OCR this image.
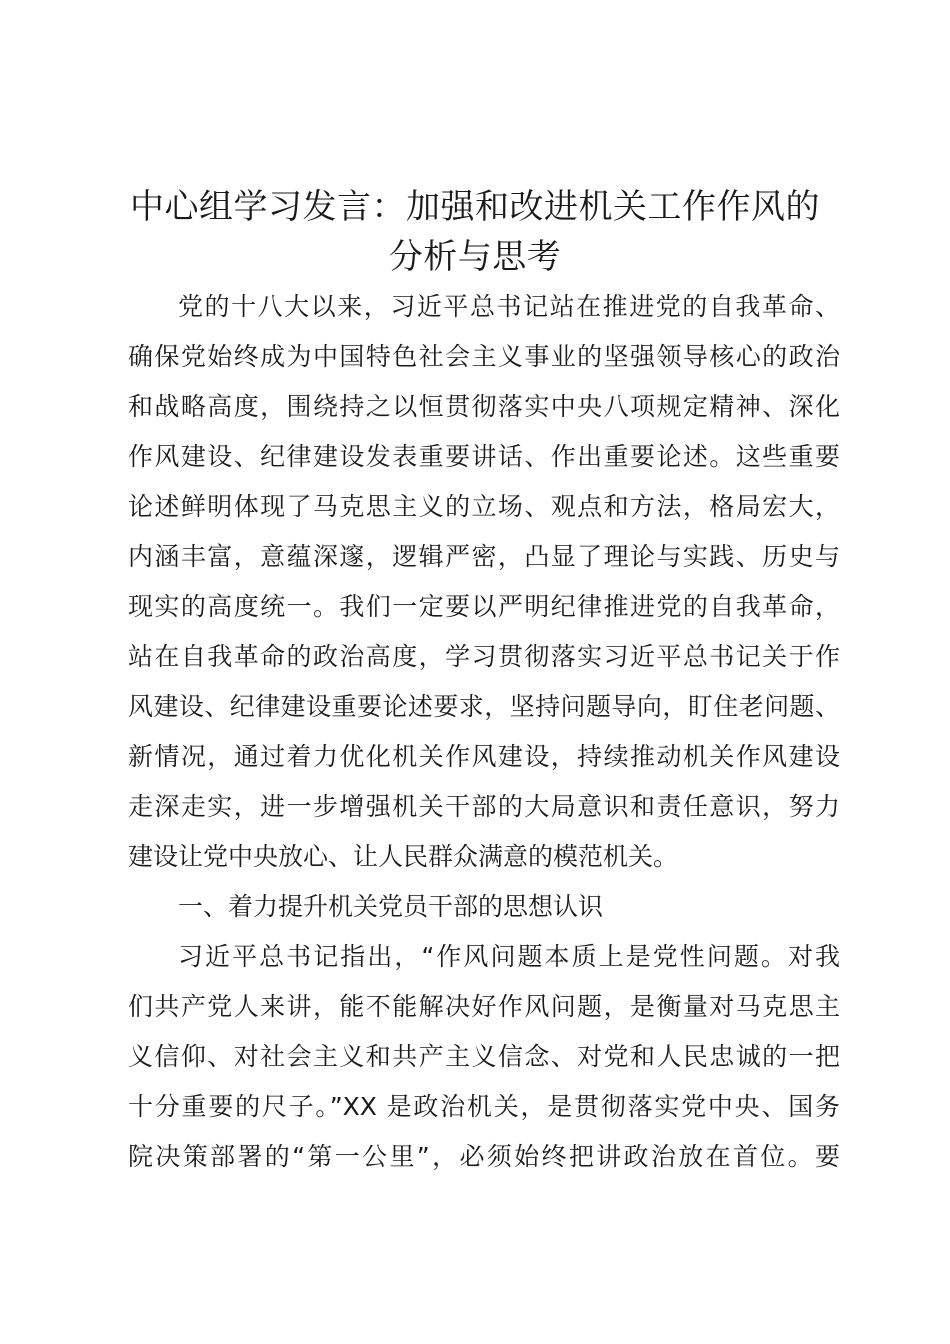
中心组学习发言：加强和改进机关工作作风的
分析与思考
党的十八大以来，习近平总书记站在推进党的自我革命、
确保党始终成为中国特色社会主义事业的坚强领导核心的政治
和战略高度，围绕持之以恒贯彻落实中央八项规定精神、深化
作风建设、纪律建设发表重要讲话、作出重要论述。这些重要
论述鲜明体现了马克思主义的立场、观点和方法，格局宏大，
内涵丰富，意蕴深邃，逻辑严密，凸显了理论与实践、历史与
现实的高度统一。我们一定要以严明纪律推进党的自我革命，
站在自我革命的政治高度，学习贯彻落实习近平总书记关于作
风建设、纪律建设重要论述要求，坚持问题导向，盯住老问题、
新情况，通过着力优化机关作风建设，持续推动机关作风建设
走深走实，进一步增强机关干部的大局意识和责任意识，努力
建设让党中央放心、让人民群众满意的模范机关。
一、着力提升机关党员干部的思想认识
习近平总书记指出，“作风问题本质上是党性问题。对我
们共产党人来讲，能不能解决好作风问题，是衡量对马克思主
义信仰、对社会主义和共产主义信念、对党和人民忠诚的一把
十分重要的尺子。”XX 是政治机关，是贯彻落实党中央、国务
院决策部署的“第一公里”，必须始终把讲政治放在首位。要
